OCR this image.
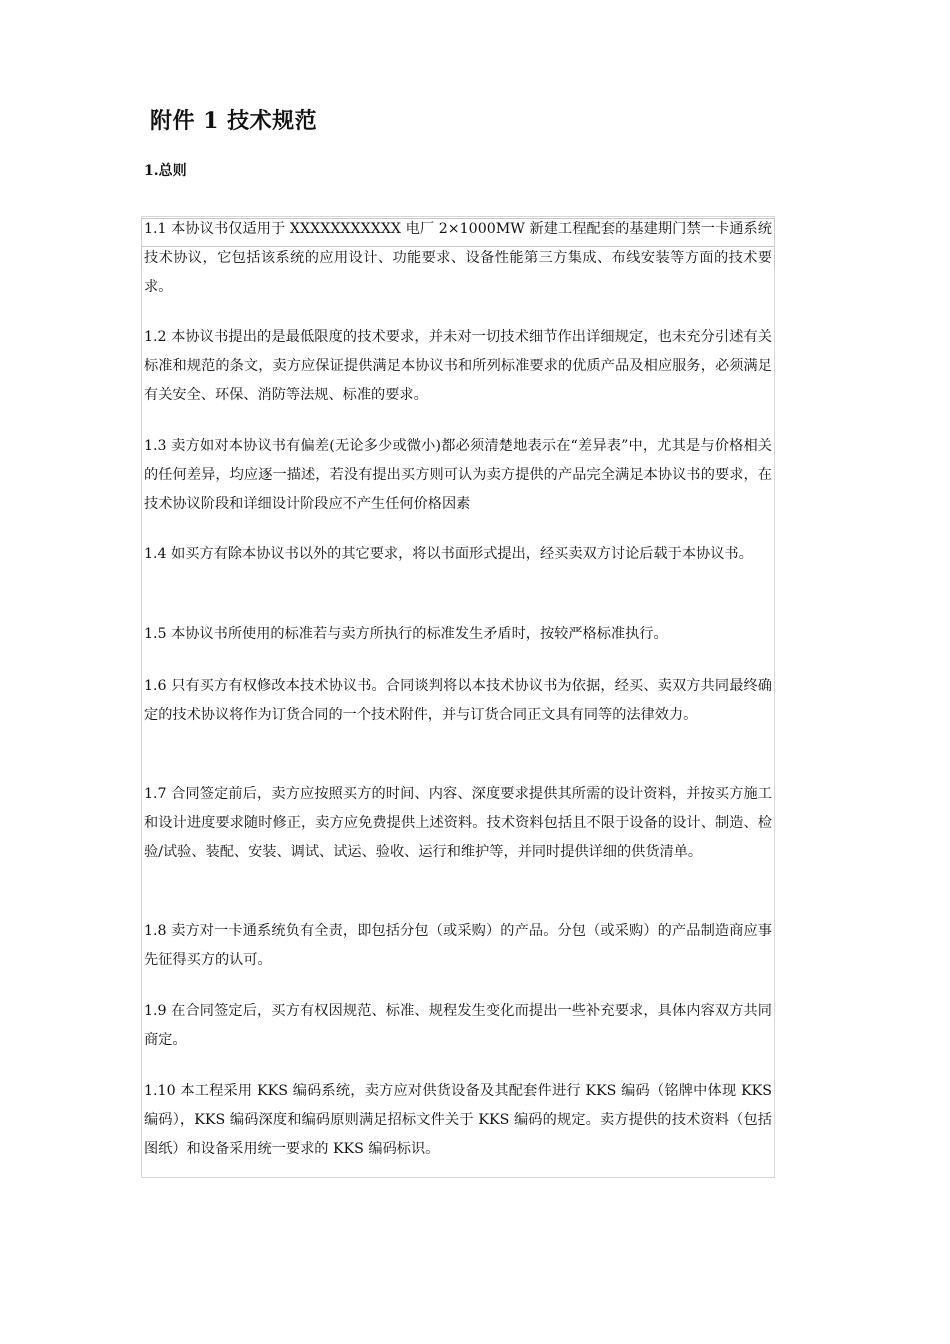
附件 1 技术规范
1.总则

1.1 本协议书仅适用于 XXXXXXXXXXX 电厂 2×1000MW 新建工程配套的基建期门禁一卡通系统技术协议，它包括该系统的应用设计、功能要求、设备性能第三方集成、布线安装等方面的技术要求。

1.2 本协议书提出的是最低限度的技术要求，并未对一切技术细节作出详细规定，也未充分引述有关标准和规范的条文，卖方应保证提供满足本协议书和所列标准要求的优质产品及相应服务，必须满足有关安全、环保、消防等法规、标准的要求。

1.3 卖方如对本协议书有偏差(无论多少或微小)都必须清楚地表示在“差异表”中，尤其是与价格相关的任何差异，均应逐一描述，若没有提出买方则可认为卖方提供的产品完全满足本协议书的要求，在技术协议阶段和详细设计阶段应不产生任何价格因素

1.4 如买方有除本协议书以外的其它要求，将以书面形式提出，经买卖双方讨论后载于本协议书。

1.5 本协议书所使用的标准若与卖方所执行的标准发生矛盾时，按较严格标准执行。

1.6 只有买方有权修改本技术协议书。合同谈判将以本技术协议书为依据，经买、卖双方共同最终确定的技术协议将作为订货合同的一个技术附件，并与订货合同正文具有同等的法律效力。

1.7 合同签定前后，卖方应按照买方的时间、内容、深度要求提供其所需的设计资料，并按买方施工和设计进度要求随时修正，卖方应免费提供上述资料。技术资料包括且不限于设备的设计、制造、检验/试验、装配、安装、调试、试运、验收、运行和维护等，并同时提供详细的供货清单。

1.8 卖方对一卡通系统负有全责，即包括分包（或采购）的产品。分包（或采购）的产品制造商应事先征得买方的认可。

1.9 在合同签定后，买方有权因规范、标准、规程发生变化而提出一些补充要求，具体内容双方共同商定。

1.10 本工程采用 KKS 编码系统，卖方应对供货设备及其配套件进行 KKS 编码（铭牌中体现 KKS 编码），KKS 编码深度和编码原则满足招标文件关于 KKS 编码的规定。卖方提供的技术资料（包括图纸）和设备采用统一要求的 KKS 编码标识。
